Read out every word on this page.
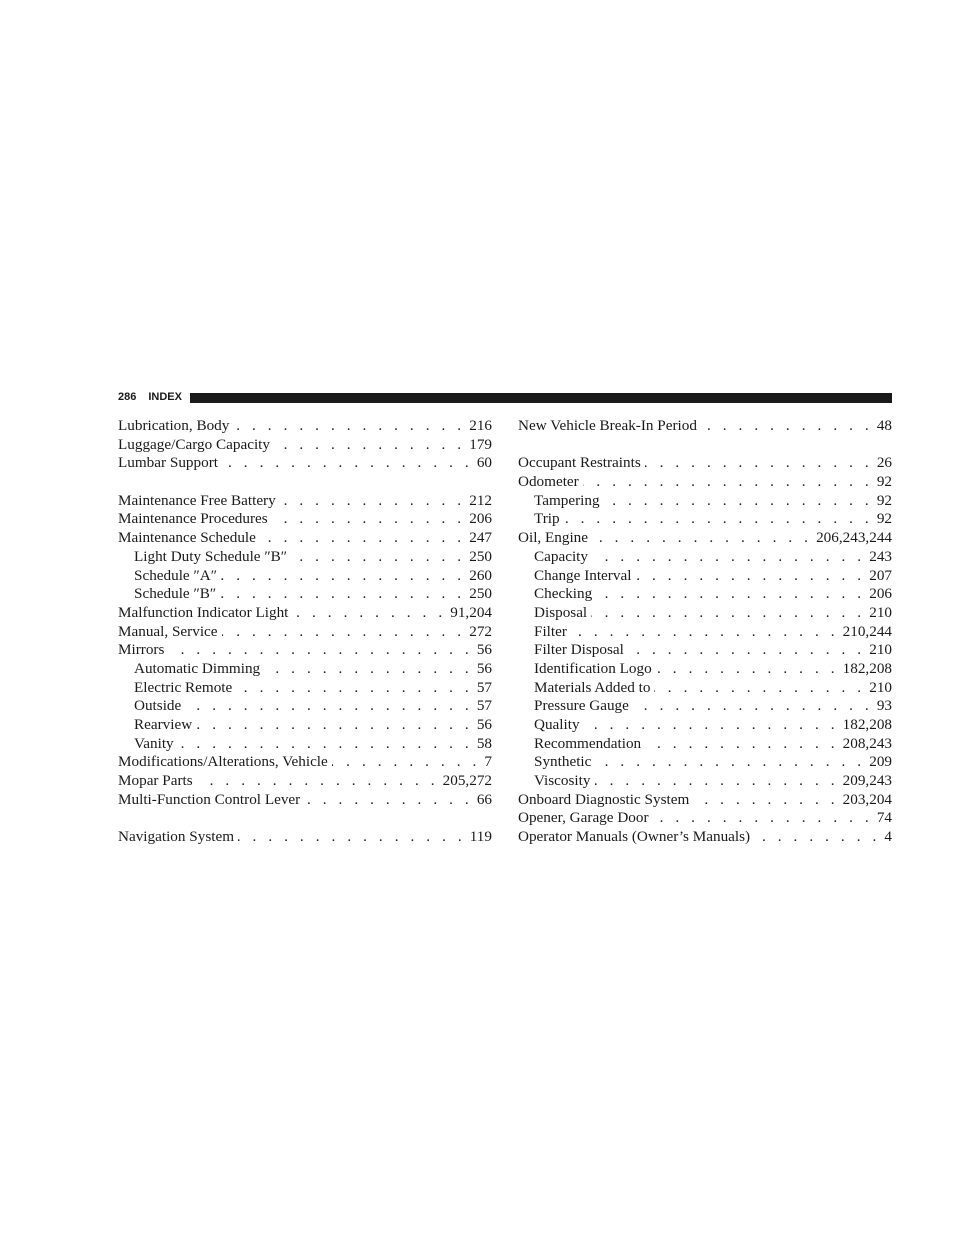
286 INDEX
Lubrication, Body . . .	216
Luggage/Cargo Capacity . . .	179
Lumbar Support . . .	60
Maintenance Free Battery . . .	212
Maintenance Procedures . . .	206
Maintenance Schedule . . .	247
Light Duty Schedule ″B″ . . .	250
Schedule ″A″ . . .	260
Schedule ″B″ . . .	250
Malfunction Indicator Light . . .	91,204
Manual, Service . . .	272
Mirrors . . .	56
Automatic Dimming . . .	56
Electric Remote . . .	57
Outside . . .	57
Rearview . . .	56
Vanity . . .	58
Modifications/Alterations, Vehicle . . .	7
Mopar Parts . . .	205,272
Multi-Function Control Lever . . .	66
Navigation System . . .	119
New Vehicle Break-In Period . . .	48
Occupant Restraints . . .	26
Odometer . . .	92
Tampering . . .	92
Trip . . .	92
Oil, Engine . . .	206,243,244
Capacity . . .	243
Change Interval . . .	207
Checking . . .	206
Disposal . . .	210
Filter . . .	210,244
Filter Disposal . . .	210
Identification Logo . . .	182,208
Materials Added to . . .	210
Pressure Gauge . . .	93
Quality . . .	182,208
Recommendation . . .	208,243
Synthetic . . .	209
Viscosity . . .	209,243
Onboard Diagnostic System . . .	203,204
Opener, Garage Door . . .	74
Operator Manuals (Owner’s Manuals) . . .	4
